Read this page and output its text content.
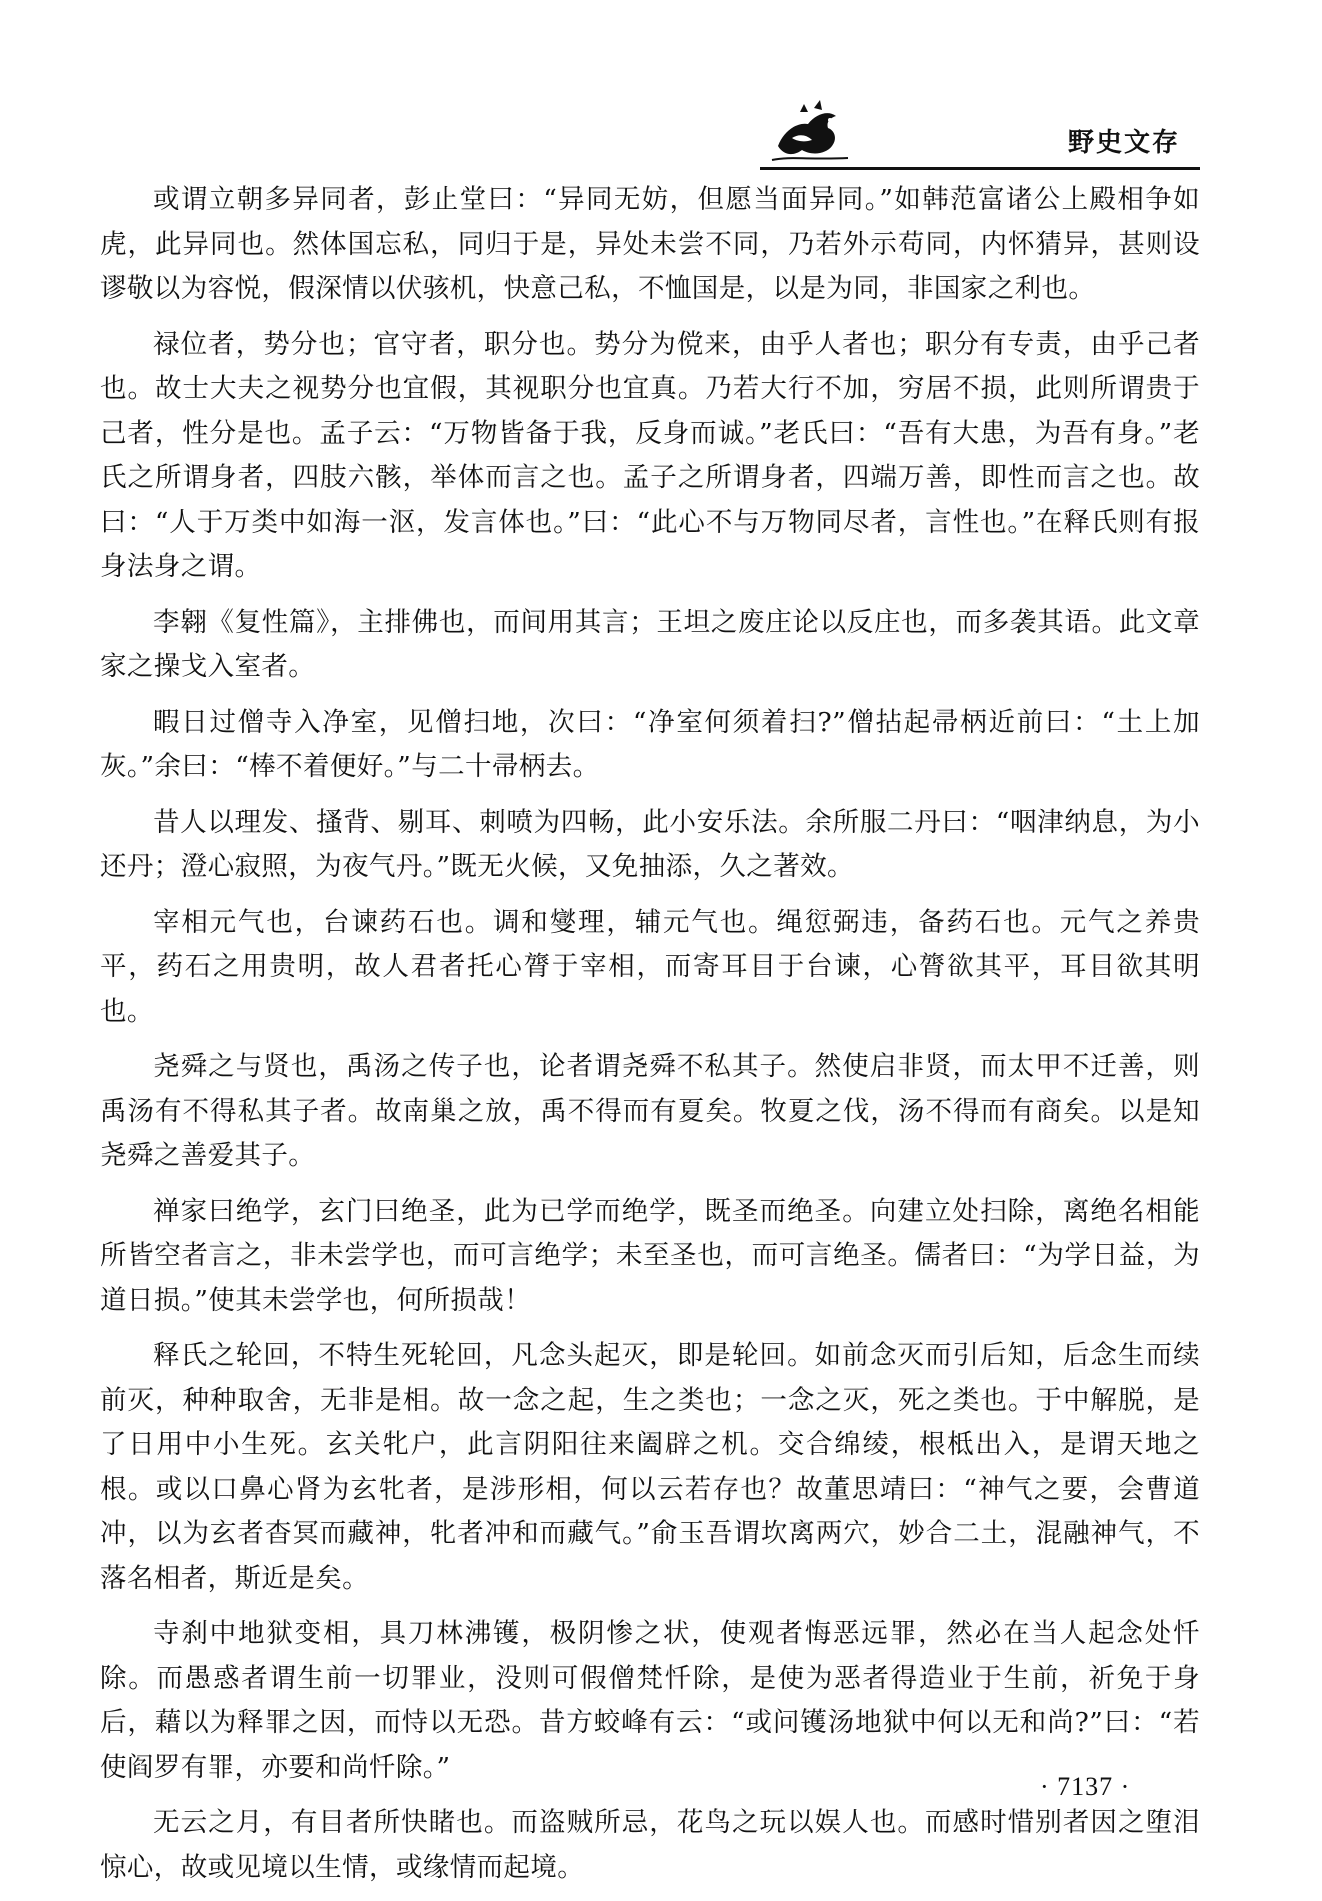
野史文存

或谓立朝多异同者，彭止堂曰：“异同无妨，但愿当面异同。”如韩范富诸公上殿相争如虎，此异同也。然体国忘私，同归于是，异处未尝不同，乃若外示苟同，内怀猜异，甚则设谬敬以为容悦，假深情以伏骇机，快意己私，不恤国是，以是为同，非国家之利也。

禄位者，势分也；官守者，职分也。势分为傥来，由乎人者也；职分有专责，由乎己者也。故士大夫之视势分也宜假，其视职分也宜真。乃若大行不加，穷居不损，此则所谓贵于己者，性分是也。孟子云：“万物皆备于我，反身而诚。”老氏曰：“吾有大患，为吾有身。”老氏之所谓身者，四肢六骸，举体而言之也。孟子之所谓身者，四端万善，即性而言之也。故曰：“人于万类中如海一沤，发言体也。”曰：“此心不与万物同尽者，言性也。”在释氏则有报身法身之谓。

李翱《复性篇》，主排佛也，而间用其言；王坦之废庄论以反庄也，而多袭其语。此文章家之操戈入室者。

暇日过僧寺入净室，见僧扫地，次曰：“净室何须着扫?”僧拈起帚柄近前曰：“土上加灰。”余曰：“棒不着便好。”与二十帚柄去。

昔人以理发、搔背、剔耳、刺喷为四畅，此小安乐法。余所服二丹曰：“咽津纳息，为小还丹；澄心寂照，为夜气丹。”既无火候，又免抽添，久之著效。

宰相元气也，台谏药石也。调和燮理，辅元气也。绳愆弼违，备药石也。元气之养贵平，药石之用贵明，故人君者托心膂于宰相，而寄耳目于台谏，心膂欲其平，耳目欲其明也。

尧舜之与贤也，禹汤之传子也，论者谓尧舜不私其子。然使启非贤，而太甲不迁善，则禹汤有不得私其子者。故南巢之放，禹不得而有夏矣。牧夏之伐，汤不得而有商矣。以是知尧舜之善爱其子。

禅家曰绝学，玄门曰绝圣，此为已学而绝学，既圣而绝圣。向建立处扫除，离绝名相能所皆空者言之，非未尝学也，而可言绝学；未至圣也，而可言绝圣。儒者曰：“为学日益，为道日损。”使其未尝学也，何所损哉！

释氏之轮回，不特生死轮回，凡念头起灭，即是轮回。如前念灭而引后知，后念生而续前灭，种种取舍，无非是相。故一念之起，生之类也；一念之灭，死之类也。于中解脱，是了日用中小生死。玄关牝户，此言阴阳往来阖辟之机。交合绵绫，根柢出入，是谓天地之根。或以口鼻心肾为玄牝者，是涉形相，何以云若存也？故董思靖曰：“神气之要，会曹道冲，以为玄者杳冥而藏神，牝者冲和而藏气。”俞玉吾谓坎离两穴，妙合二土，混融神气，不落名相者，斯近是矣。

寺刹中地狱变相，具刀林沸镬，极阴惨之状，使观者悔恶远罪，然必在当人起念处忏除。而愚惑者谓生前一切罪业，没则可假僧梵忏除，是使为恶者得造业于生前，祈免于身后，藉以为释罪之因，而恃以无恐。昔方蛟峰有云：“或问镬汤地狱中何以无和尚?”曰：“若使阎罗有罪，亦要和尚忏除。”

无云之月，有目者所快睹也。而盗贼所忌，花鸟之玩以娱人也。而感时惜别者因之堕泪惊心，故或见境以生情，或缘情而起境。

· 7137 ·
